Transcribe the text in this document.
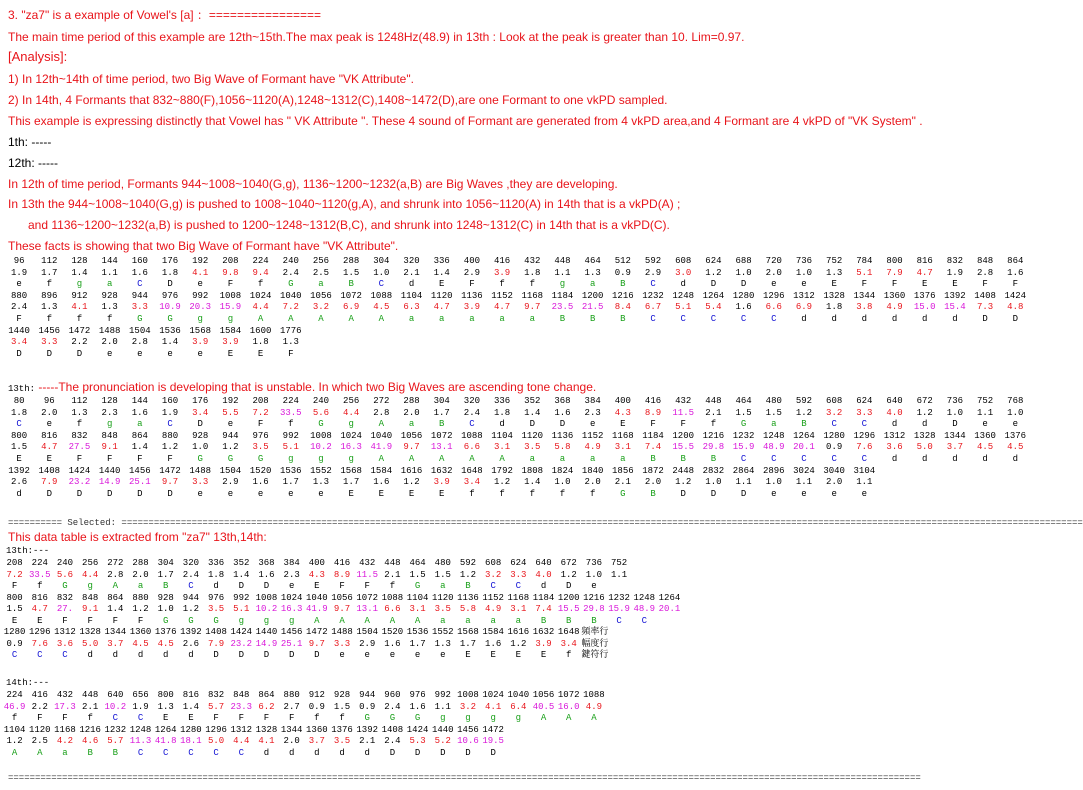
3. "za7" is a example of Vowel's [a] ：================
The main time period of this example are 12th~15th.The max peak is 1248Hz(48.9) in 13th : Look at the peak is greater than 10. Lim=0.97.
[Analysis]:
1) In 12th~14th of time period, two Big Wave of Formant have "VK Attribute".
2) In 14th, 4 Formants that 832~880(F),1056~1120(A),1248~1312(C),1408~1472(D),are one Formant to one vkPD sampled.
This example is expressing distinctly that Vowel has " VK Attribute ". These 4 sound of Formant are generated from 4 vkPD area,and 4 Formant are 4 vkPD of "VK System" .
1th: -----
12th: -----
In 12th of time period, Formants 944~1008~1040(G,g), 1136~1200~1232(a,B) are Big Waves ,they are developing.
In 13th the 944~1008~1040(G,g) is pushed to 1008~1040~1120(g,A), and shrunk into 1056~1120(A) in 14th that is a vkPD(A) ;
and 1136~1200~1232(a,B) is pushed to 1200~1248~1312(B,C), and shrunk into 1248~1312(C) in 14th that is a vkPD(C).
These facts is showing that two Big Wave of Formant have "VK Attribute".
96 112 128 144 160 176 192 208 224 240 256 288 304 320 336 400 416 432 448 464 512 592 608 624 688 720 736 752 784 800 816 832 848 864
1.9 1.7 1.4 1.1 1.6 1.8 4.1 9.8 9.4 2.4 2.5 1.5 1.0 2.1 1.4 2.9 3.9 1.8 1.1 1.3 0.9 2.9 3.0 1.2 1.0 2.0 1.0 1.3 5.1 7.9 4.7 1.9 2.8 1.6
e	f	g	a	C	D	e	F	f	G	a	B	C	d	E	F	f	f	g	a	B	C	d	D	D	e	e	E	F	F	E	E	F	F
880 896 912 928 944 976 992 1008 1024 1040 1056 1072 1088 1104 1120 1136 1152 1168 1184 1200 1216 1232 1248 1264 1280 1296 1312 1328 1344 1360 1376 1392 1408 1424
2.4 1.3 4.1 1.3 3.3 10.9 20.3 15.9 4.4 7.2 3.2 6.9 4.5 6.3 4.7 3.9 4.7 9.7 23.5 21.5 8.4 6.7 5.1 5.4 1.6 6.6 6.9 1.8 3.8 4.9 15.0 15.4 7.3 4.8
F	f	f	f	G	G	g	g	A	A	A	A	A	a	a	a	a	a	B	B	B	C	C	C	C	C	d	d	d	d	d	d	D	D
1440 1456 1472 1488 1504 1536 1568 1584 1600 1776
3.4 3.3 2.2 2.0 2.8 1.4 3.9 3.9 1.8 1.3
D	D	D	e	e	e	e	E	E	F
13th: -----The pronunciation is developing that is unstable. In which two Big Waves are ascending tone change.
80 96 112 128 144 160 176 192 208 224 240 256 272 288 304 320 336 352 368 384 400 416 432 448 464 480 592 608 624 640 672 736 752 768
1.8 2.0 1.3 2.3 1.6 1.9 3.4 5.5 7.2 33.5 5.6 4.4 2.8 2.0 1.7 2.4 1.8 1.4 1.6 2.3 4.3 8.9 11.5 2.1 1.5 1.5 1.2 3.2 3.3 4.0 1.2 1.0 1.1 1.0
C	e	f	g	a	C	D	e	F	f	G	g	A	a	B	C	d	D	D	e	E	F	F	f	G	a	B	C	C	d	d	D	e	e
800 816 832 848 864 880 928 944 976 992 1008 1024 1040 1056 1072 1088 1104 1120 1136 1152 1168 1184 1200 1216 1232 1248 1264 1280 1296 1312 1328 1344 1360 1376
1.5 4.7 27.5 9.1 1.4 1.2 1.0 1.2 3.5 5.1 10.2 16.3 41.9 9.7 13.1 6.6 3.1 3.5 5.8 4.9 3.1 7.4 15.5 29.8 15.9 48.9 20.1 0.9 7.6 3.6 5.0 3.7 4.5 4.5
E	E	F	F	F	F	G	G	G	g	g	g	A	A	A	A	A	a	a	a	a	B	B	B	C	C	C	C	C	d	d	d	d	d
1392 1408 1424 1440 1456 1472 1488 1504 1520 1536 1552 1568 1584 1616 1632 1648 1792 1808 1824 1840 1856 1872 2448 2832 2864 2896 3024 3040 3104
2.6 7.9 23.2 14.9 25.1 9.7 3.3 2.9 1.6 1.7 1.3 1.7 1.6 1.2 3.9 3.4 1.2 1.4 1.0 2.0 2.1 2.0 1.2 1.0 1.1 1.0 1.1 2.0 1.1
d	D	D	D	D	D	e	e	e	e	e	E	E	E	E	f	f	f	f	f	G	B	D	D	D	e	e	e	e
========== Selected: ==================================================================================================================================================================================
This data table is extracted from "za7" 13th,14th:
13th:---
208 224 240 256 272 288 304 320 336 352 368 384 400 416 432 448 464 480 592 608 624 640 672 736 752
7.2 33.5 5.6 4.4 2.8 2.0 1.7 2.4 1.8 1.4 1.6 2.3 4.3 8.9 11.5 2.1 1.5 1.5 1.2 3.2 3.3 4.0 1.2 1.0 1.1
F f G g A a B C d D D e E F F f G a B C C d D e
800 816 832 848 864 880 928 944 976 992 1008 1024 1040 1056 1072 1088 1104 1120 1136 1152 1168 1184 1200 1216 1232 1248 1264
1.5 4.7 27. 9.1 1.4 1.2 1.0 1.2 3.5 5.1 10.2 16.3 41.9 9.7 13.1 6.6 3.1 3.5 5.8 4.9 3.1 7.4 15.5 29.8 15.9 48.9 20.1
E E F F F F G G G g g g A A A A A a a a a B B B C C
1280 1296 1312 1328 1344 1360 1376 1392 1408 1424 1440 1456 1472 1488 1504 1520 1536 1552 1568 1584 1616 1632 1648 頻率行
0.9 7.6 3.6 5.0 3.7 4.5 4.5 2.6 7.9 23.2 14.9 25.1 9.7 3.3 2.9 1.6 1.7 1.3 1.7 1.6 1.2 3.9 3.4 幅度行
C C C d d d d d D D D D D e e e e e E E E E f 鍵符行
14th:---
224 416 432 448 640 656 800 816 832 848 864 880 912 928 944 960 976 992 1008 1024 1040 1056 1072 1088
46.9 2.2 17.3 2.1 10.2 1.9 1.3 1.4 5.7 23.3 6.2 2.7 0.9 1.5 0.9 2.4 1.6 1.1 3.2 4.1 6.4 40.5 16.0 4.9
f F F f C C E E F F F F f f G G G g g g g A A A
1104 1120 1168 1216 1232 1248 1264 1280 1296 1312 1328 1344 1360 1376 1392 1408 1424 1440 1456 1472
1.2 2.5 4.2 4.6 5.7 11.3 41.8 18.1 5.0 4.4 4.1 2.0 3.7 3.5 2.1 2.4 5.3 5.2 10.6 19.5
A A a B B C C C C C d d d d d D D D D D
=========================================================================================================================================================================
